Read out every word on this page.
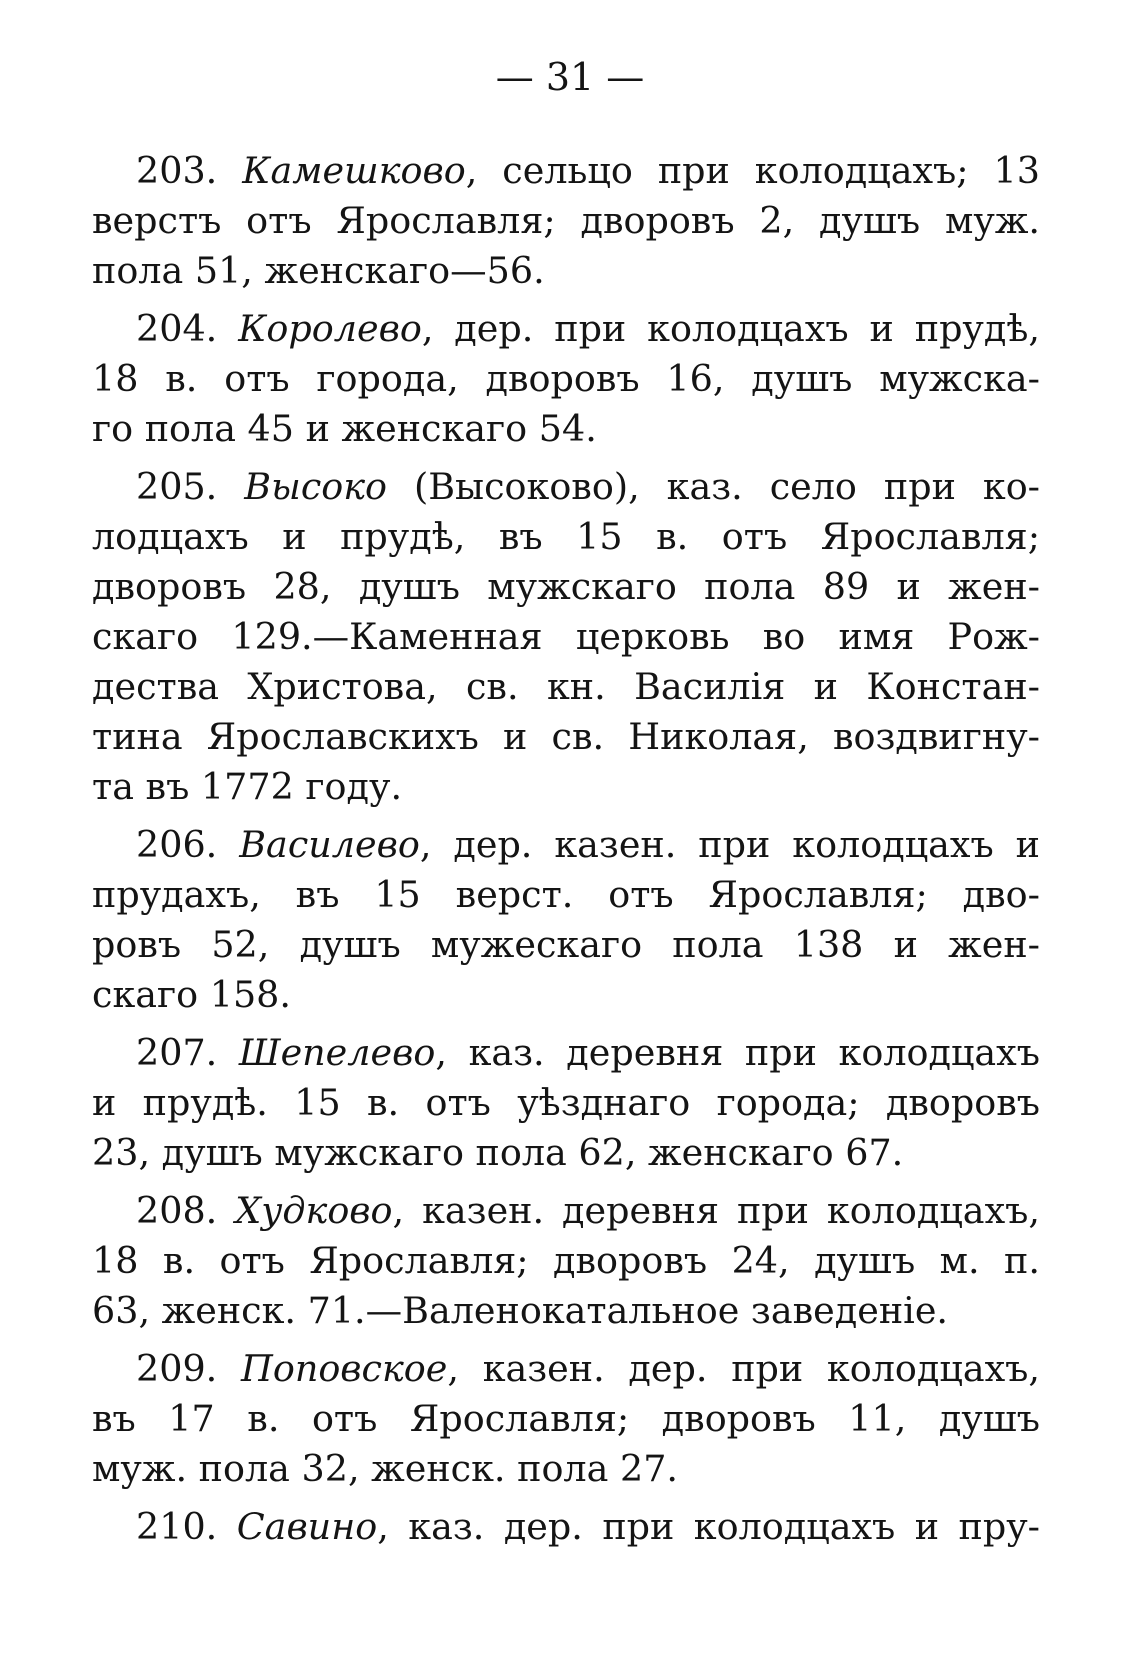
— 31 —
203. Камешково, сельцо при колодцахъ; 13
верстъ отъ Ярославля; дворовъ 2, душъ муж.
пола 51, женскаго—56.
204. Королево, дер. при колодцахъ и прудѣ,
18 в. отъ города, дворовъ 16, душъ мужска-
го пола 45 и женскаго 54.
205. Высоко (Высоково), каз. село при ко-
лодцахъ и прудѣ, въ 15 в. отъ Ярославля;
дворовъ 28, душъ мужскаго пола 89 и жен-
скаго 129.—Каменная церковь во имя Рож-
дества Христова, св. кн. Василія и Констан-
тина Ярославскихъ и св. Николая, воздвигну-
та въ 1772 году.
206. Василево, дер. казен. при колодцахъ и
прудахъ, въ 15 верст. отъ Ярославля; дво-
ровъ 52, душъ мужескаго пола 138 и жен-
скаго 158.
207. Шепелево, каз. деревня при колодцахъ
и прудѣ. 15 в. отъ уѣзднаго города; дворовъ
23, душъ мужскаго пола 62, женскаго 67.
208. Худково, казен. деревня при колодцахъ,
18 в. отъ Ярославля; дворовъ 24, душъ м. п.
63, женск. 71.—Валенокатальное заведеніе.
209. Поповское, казен. дер. при колодцахъ,
въ 17 в. отъ Ярославля; дворовъ 11, душъ
муж. пола 32, женск. пола 27.
210. Савино, каз. дер. при колодцахъ и пру-
